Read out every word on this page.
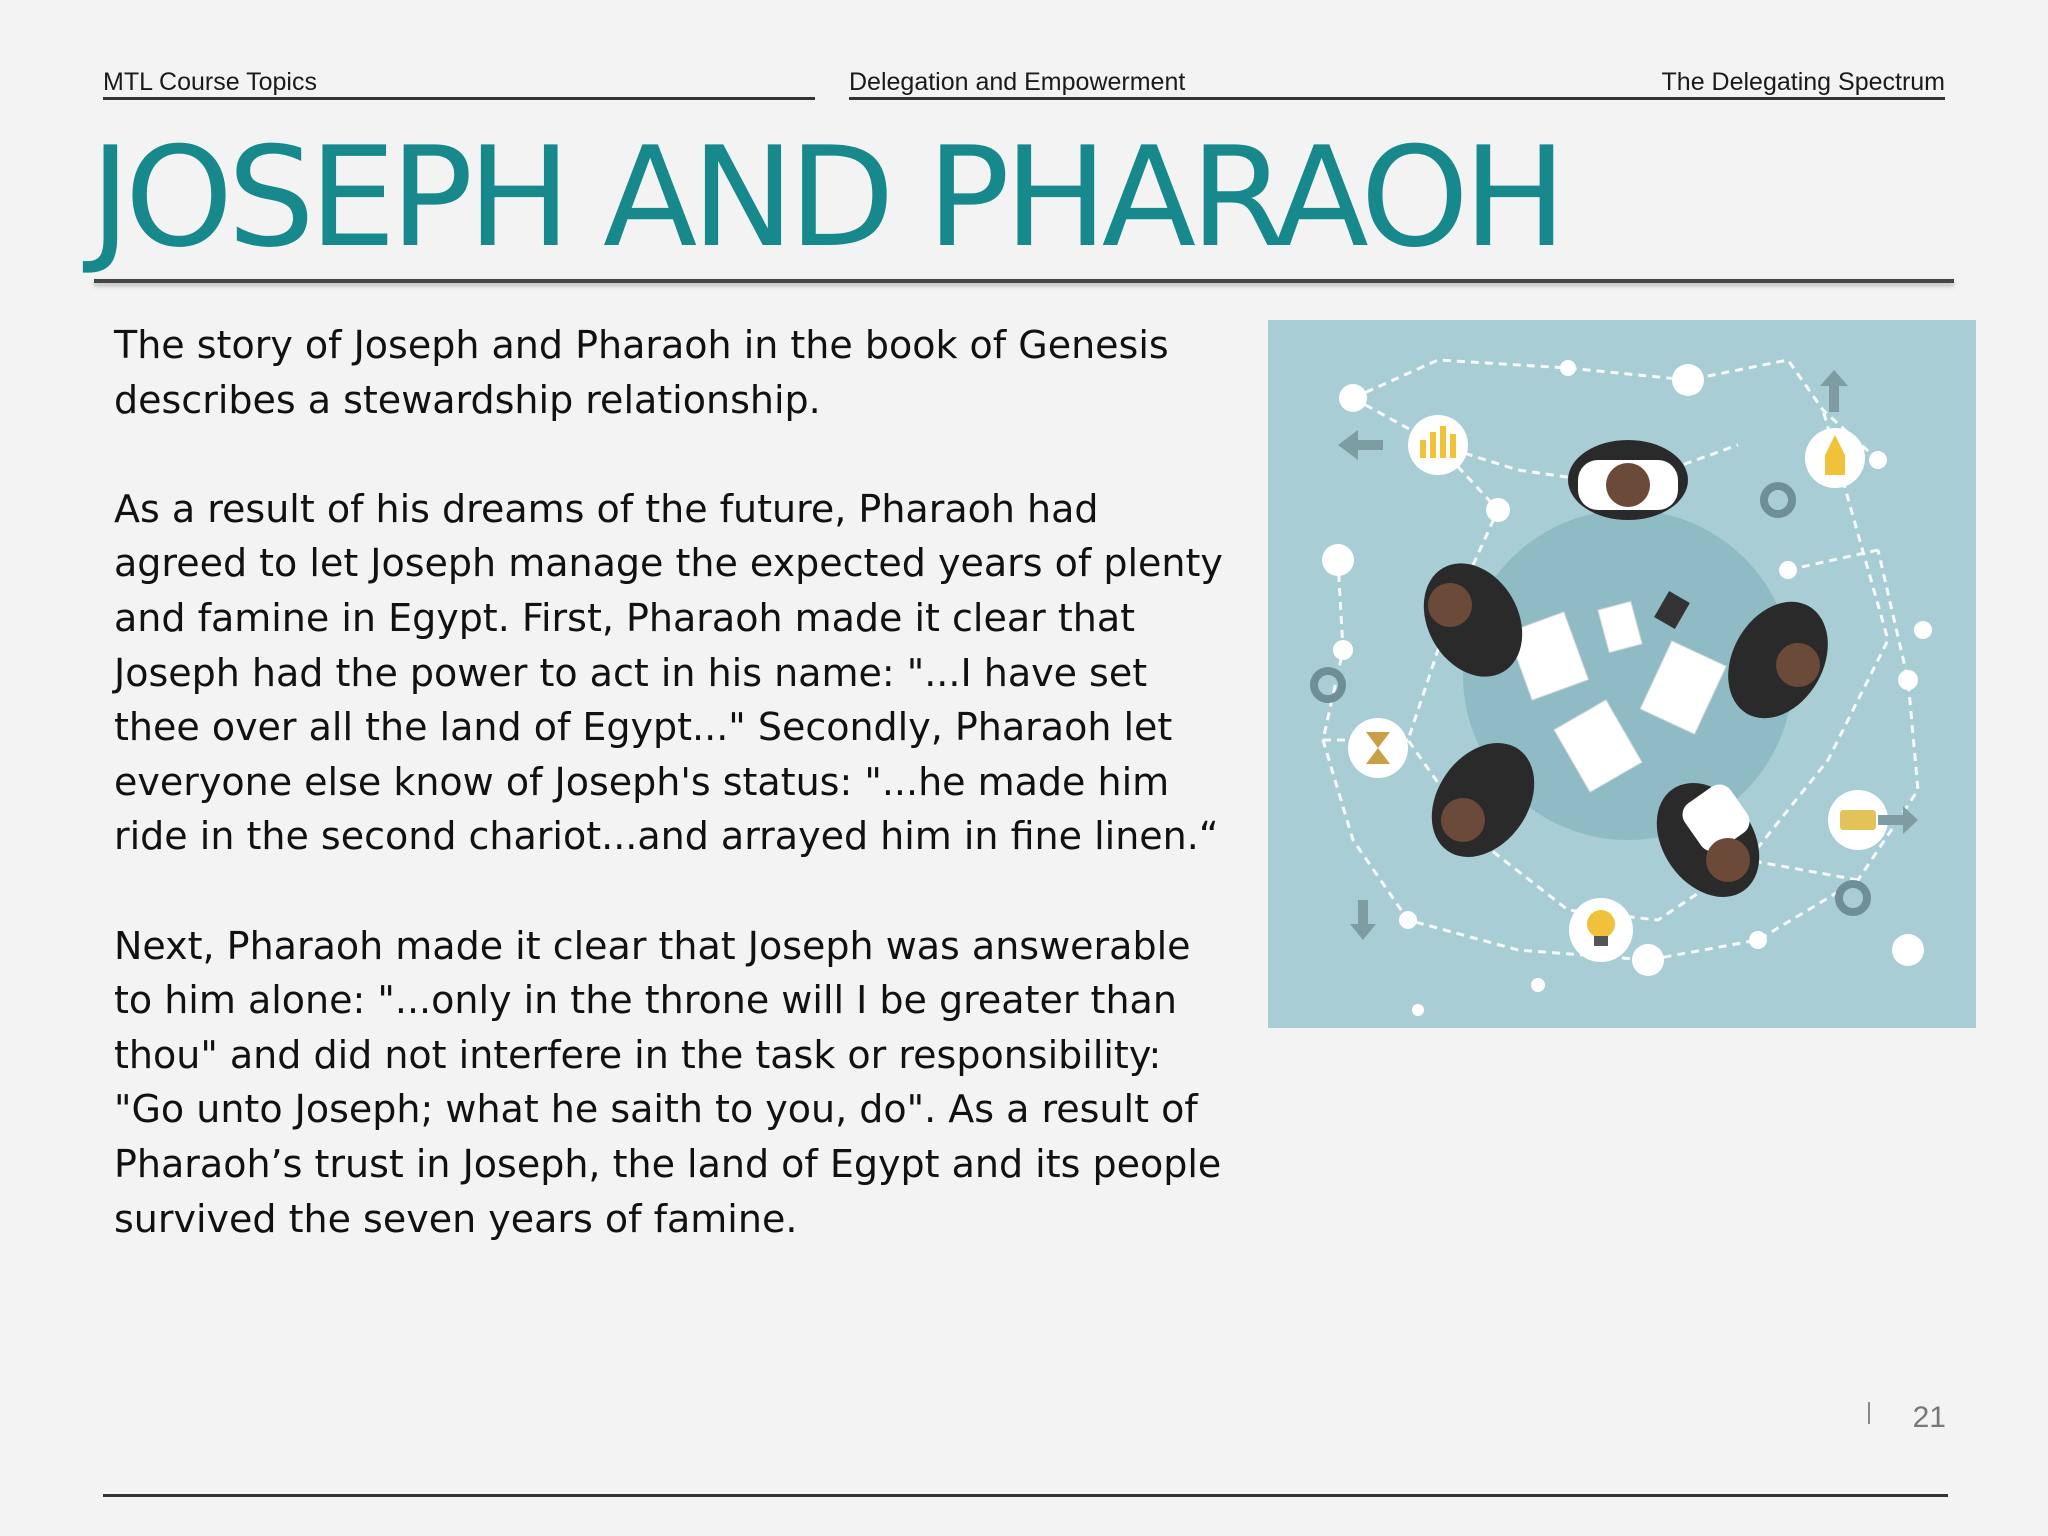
MTL Course Topics	Delegation and Empowerment	The Delegating Spectrum
JOSEPH AND PHARAOH

The story of Joseph and Pharaoh in the book of Genesis describes a stewardship relationship.

As a result of his dreams of the future, Pharaoh had agreed to let Joseph manage the expected years of plenty and famine in Egypt. First, Pharaoh made it clear that Joseph had the power to act in his name: "...I have set thee over all the land of Egypt..." Secondly, Pharaoh let everyone else know of Joseph's status: "...he made him ride in the second chariot...and arrayed him in fine linen.“

Next, Pharaoh made it clear that Joseph was answerable to him alone: "...only in the throne will I be greater than thou" and did not interfere in the task or responsibility: "Go unto Joseph; what he saith to you, do". As a result of Pharaoh’s trust in Joseph, the land of Egypt and its people survived the seven years of famine.

21
